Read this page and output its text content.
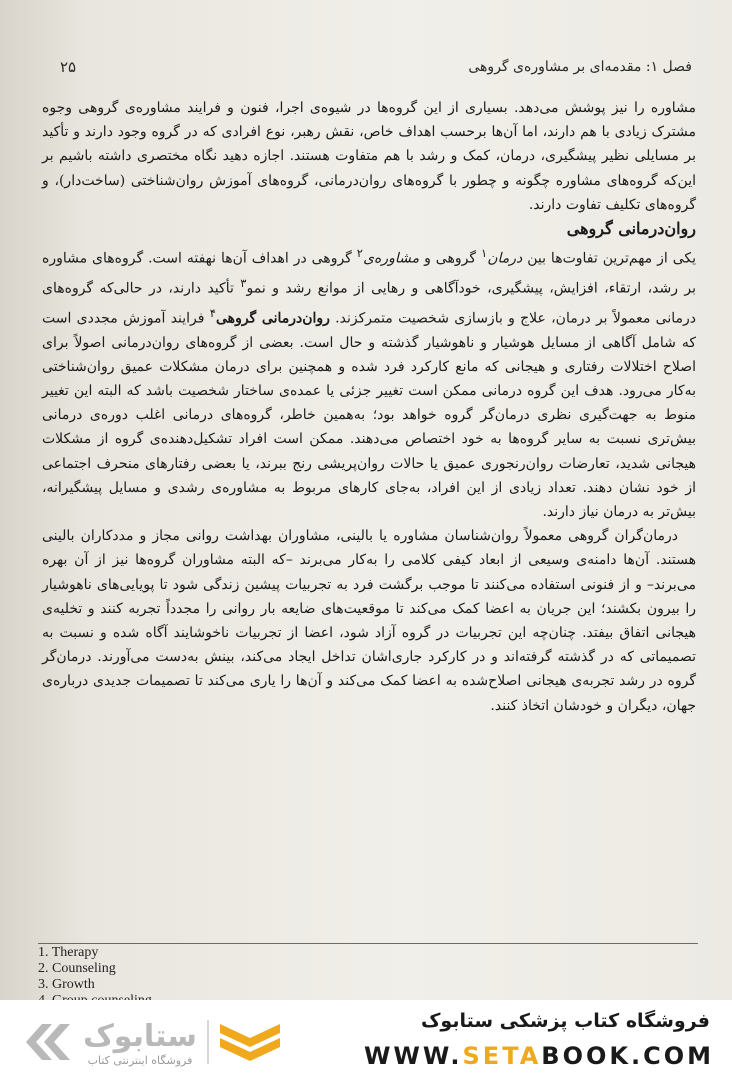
۲۵	فصل ۱: مقدمه‌ای بر مشاوره‌ی گروهی

مشاوره را نیز پوشش می‌دهد. بسیاری از این گروه‌ها در شیوه‌ی اجرا، فنون و فرایند مشاوره‌ی گروهی وجوه مشترک زیادی با هم دارند، اما آن‌ها برحسب اهداف خاص، نقش رهبر، نوع افرادی که در گروه وجود دارند و تأکید بر مسایلی نظیر پیشگیری، درمان، کمک و رشد با هم متفاوت هستند. اجازه دهید نگاه مختصری داشته باشیم بر این‌که گروه‌های مشاوره چگونه و چطور با گروه‌های روان‌درمانی، گروه‌های آموزش روان‌شناختی (ساخت‌دار)، و گروه‌های تکلیف تفاوت دارند.

روان‌درمانی گروهی

یکی از مهم‌ترین تفاوت‌ها بین درمان$^۱$ گروهی و مشاوره‌ی$^۲$ گروهی در اهداف آن‌ها نهفته است. گروه‌های مشاوره بر رشد، ارتقاء، افزایش، پیشگیری، خودآگاهی و رهایی از موانع رشد و نمو$^۳$ تأکید دارند، در حالی‌که گروه‌های درمانی معمولاً بر درمان، علاج و بازسازی شخصیت متمرکزند. روان‌درمانی گروهی$^۴$ فرایند آموزش مجددی است که شامل آگاهی از مسایل هوشیار و ناهوشیار گذشته و حال است. بعضی از گروه‌های روان‌درمانی اصولاً برای اصلاح اختلالات رفتاری و هیجانی که مانع کارکرد فرد شده و همچنین برای درمان مشکلات عمیق روان‌شناختی به‌کار می‌رود. هدف این گروه درمانی ممکن است تغییر جزئی یا عمده‌ی ساختار شخصیت باشد که البته این تغییر منوط به جهت‌گیری نظری درمان‌گر گروه خواهد بود؛ به‌همین خاطر، گروه‌های درمانی اغلب دوره‌ی درمانی بیش‌تری نسبت به سایر گروه‌ها به خود اختصاص می‌دهند. ممکن است افراد تشکیل‌دهنده‌ی گروه از مشکلات هیجانی شدید، تعارضات روان‌رنجوری عمیق یا حالات روان‌پریشی رنج ببرند، یا بعضی رفتارهای منحرف اجتماعی از خود نشان دهند. تعداد زیادی از این افراد، به‌جای کارهای مربوط به مشاوره‌ی رشدی و مسایل پیشگیرانه، بیش‌تر به درمان نیاز دارند.

درمان‌گران گروهی معمولاً روان‌شناسان مشاوره یا بالینی، مشاوران بهداشت روانی مجاز و مددکاران بالینی هستند. آن‌ها دامنه‌ی وسیعی از ابعاد کیفی کلامی را به‌کار می‌برند –که البته مشاوران گروه‌ها نیز از آن بهره می‌برند– و از فنونی استفاده می‌کنند تا موجب برگشت فرد به تجربیات پیشین زندگی شود تا پویایی‌های ناهوشیار را بیرون بکشند؛ این جریان به اعضا کمک می‌کند تا موقعیت‌های ضایعه بار روانی را مجدداً تجربه کنند و تخلیه‌ی هیجانی اتفاق بیفتد. چنان‌چه این تجربیات در گروه آزاد شود، اعضا از تجربیات ناخوشایند آگاه شده و نسبت به تصمیماتی که در گذشته گرفته‌اند و در کارکرد جاری‌اشان تداخل ایجاد می‌کند، بینش به‌دست می‌آورند. درمان‌گر گروه در رشد تجربه‌ی هیجانی اصلاح‌شده به اعضا کمک می‌کند و آن‌ها را یاری می‌کند تا تصمیمات جدیدی درباره‌ی جهان، دیگران و خودشان اتخاذ کنند.

1. Therapy
2. Counseling
3. Growth
ستابوک
فروشگاه اینترنتی کتاب
فروشگاه کتاب پزشکی ستابوک
WWW.SETABOOK.COM
